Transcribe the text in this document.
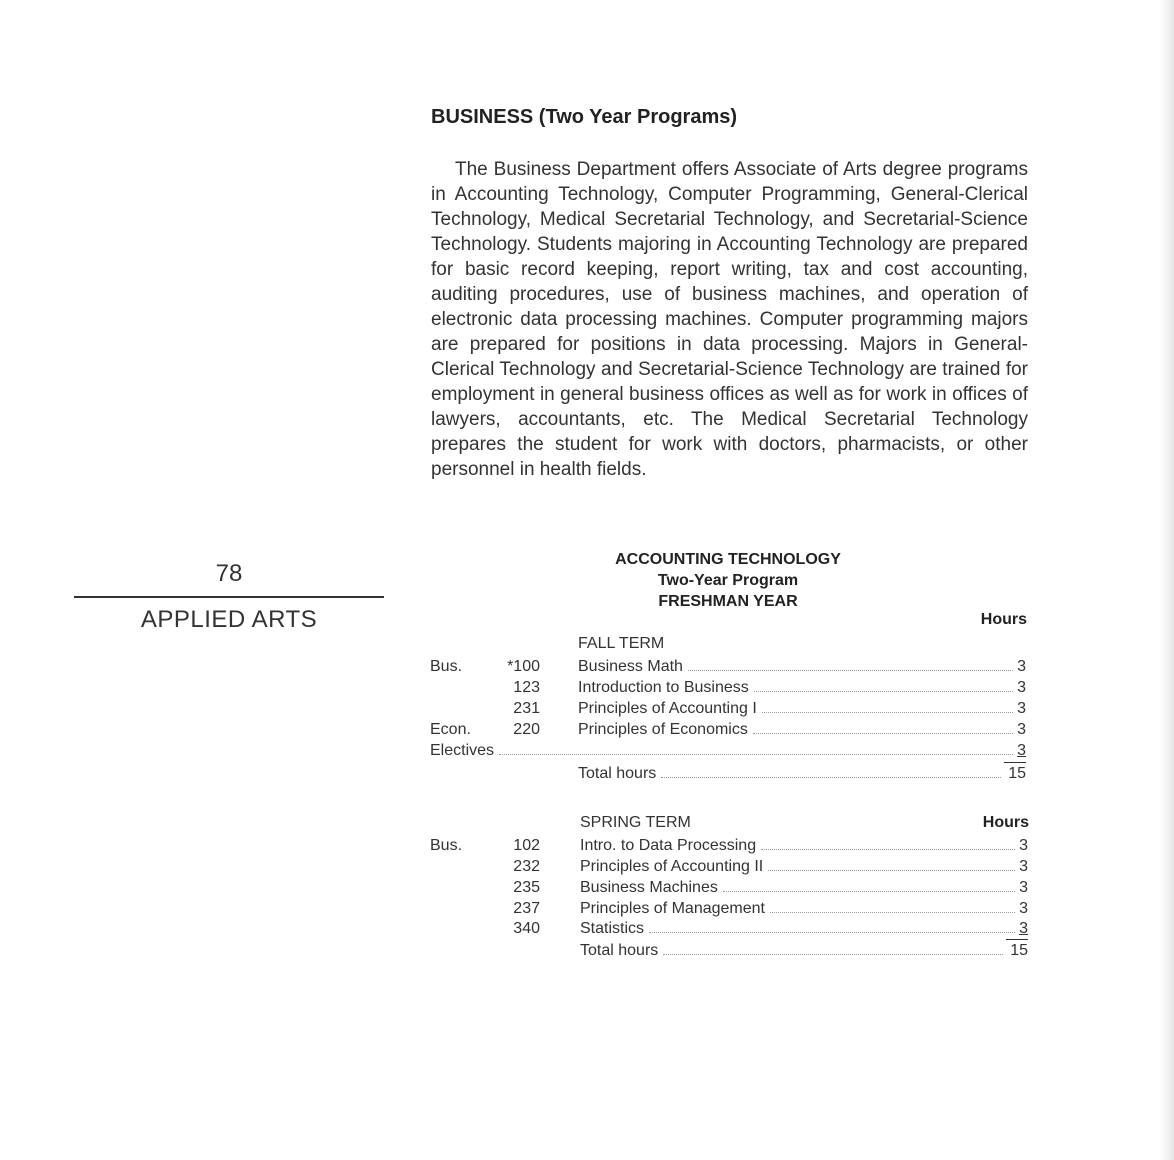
78
APPLIED ARTS
BUSINESS (Two Year Programs)

The Business Department offers Associate of Arts degree programs in Accounting Technology, Computer Programming, General-Clerical Technology, Medical Secretarial Technology, and Secretarial-Science Technology. Students majoring in Accounting Technology are prepared for basic record keeping, report writing, tax and cost accounting, auditing procedures, use of business machines, and operation of electronic data processing machines. Computer programming majors are prepared for positions in data processing. Majors in General-Clerical Technology and Secretarial-Science Technology are trained for employment in general business offices as well as for work in offices of lawyers, accountants, etc. The Medical Secretarial Technology prepares the student for work with doctors, pharmacists, or other personnel in health fields.

ACCOUNTING TECHNOLOGY
Two-Year Program
FRESHMAN YEAR
Hours
FALL TERM
Bus.	*100 Business Math	3
123 Introduction to Business	3
231 Principles of Accounting I	3
Econ.	220 Principles of Economics	3
Electives	3
Total hours	15
SPRING TERM	Hours
Bus.	102	Intro. to Data Processing	3
232	Principles of Accounting II	3
235	Business Machines	3
237	Principles of Management	3
340	Statistics	3
Total hours	15
